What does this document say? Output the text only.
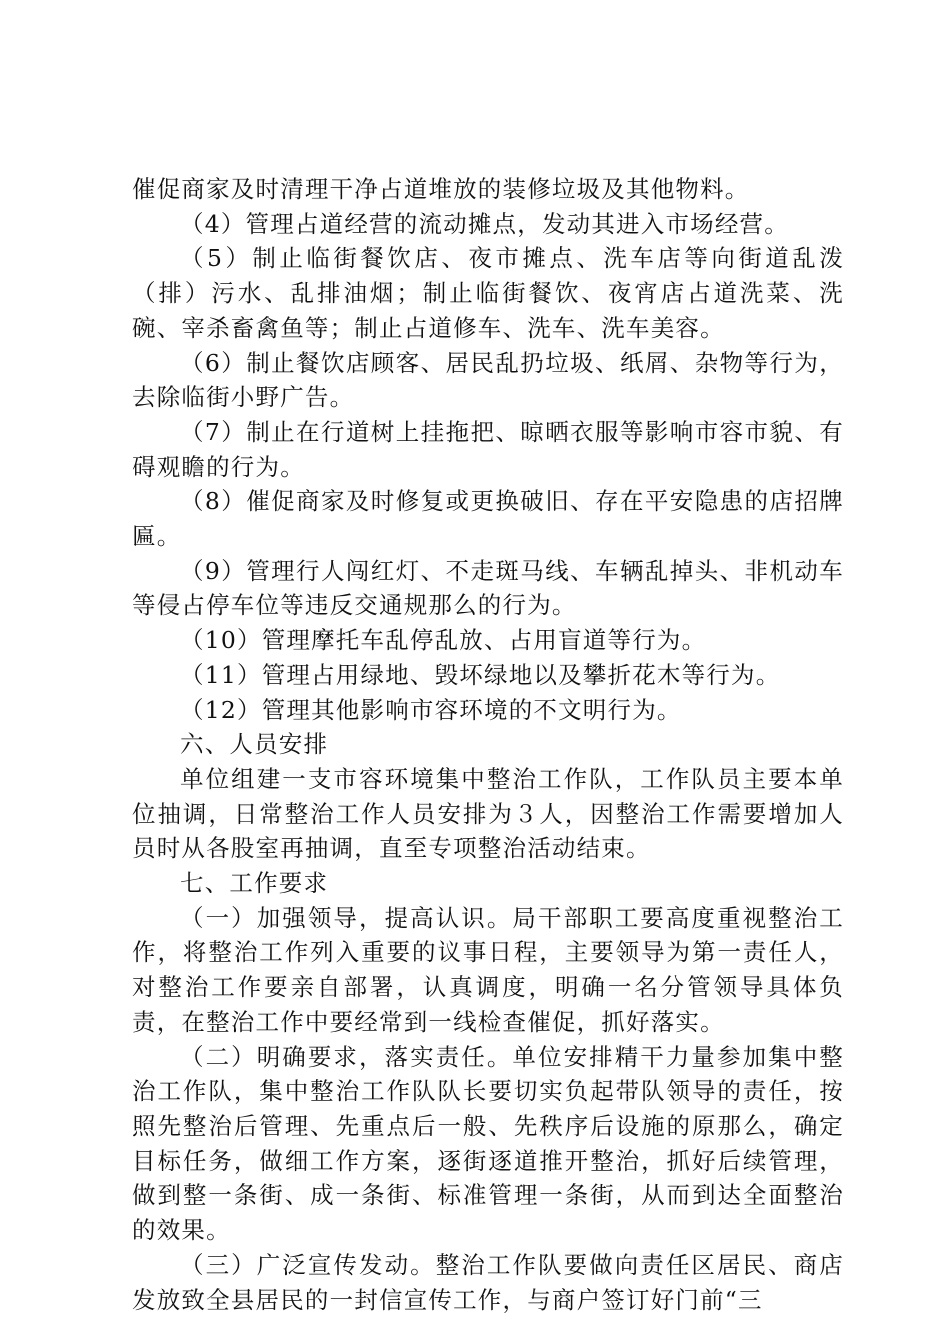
催促商家及时清理干净占道堆放的装修垃圾及其他物料。

（4）管理占道经营的流动摊点，发动其进入市场经营。

（5）制止临街餐饮店、夜市摊点、洗车店等向街道乱泼（排）污水、乱排油烟；制止临街餐饮、夜宵店占道洗菜、洗碗、宰杀畜禽鱼等；制止占道修车、洗车、洗车美容。

（6）制止餐饮店顾客、居民乱扔垃圾、纸屑、杂物等行为，去除临街小野广告。

（7）制止在行道树上挂拖把、晾晒衣服等影响市容市貌、有碍观瞻的行为。

（8）催促商家及时修复或更换破旧、存在平安隐患的店招牌匾。

（9）管理行人闯红灯、不走斑马线、车辆乱掉头、非机动车等侵占停车位等违反交通规那么的行为。

（10）管理摩托车乱停乱放、占用盲道等行为。

（11）管理占用绿地、毁坏绿地以及攀折花木等行为。

（12）管理其他影响市容环境的不文明行为。

六、人员安排

单位组建一支市容环境集中整治工作队，工作队员主要本单位抽调，日常整治工作人员安排为３人，因整治工作需要增加人员时从各股室再抽调，直至专项整治活动结束。

七、工作要求

（一）加强领导，提高认识。局干部职工要高度重视整治工作，将整治工作列入重要的议事日程，主要领导为第一责任人，对整治工作要亲自部署，认真调度，明确一名分管领导具体负责，在整治工作中要经常到一线检查催促，抓好落实。

（二）明确要求，落实责任。单位安排精干力量参加集中整治工作队，集中整治工作队队长要切实负起带队领导的责任，按照先整治后管理、先重点后一般、先秩序后设施的原那么，确定目标任务，做细工作方案，逐街逐道推开整治，抓好后续管理，做到整一条街、成一条街、标准管理一条街，从而到达全面整治的效果。

（三）广泛宣传发动。整治工作队要做向责任区居民、商店发放致全县居民的一封信宣传工作，与商户签订好门前“三
